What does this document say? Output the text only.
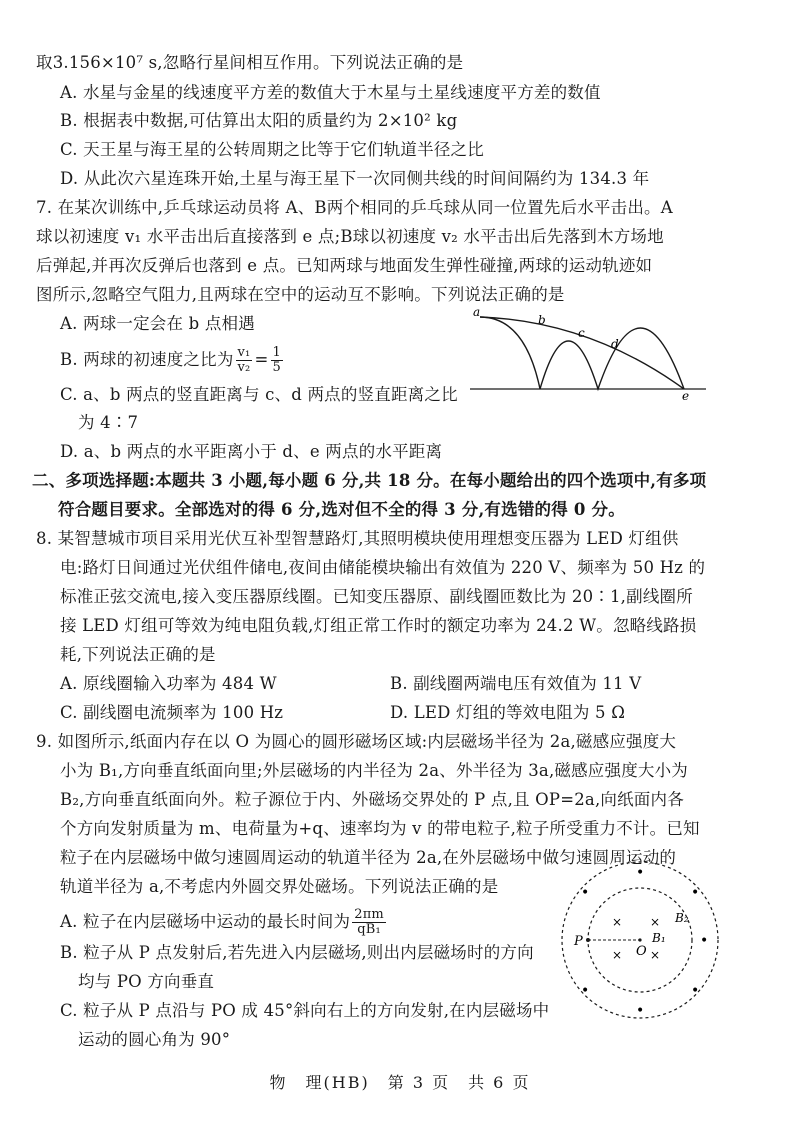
取3.156×10⁷ s,忽略行星间相互作用。下列说法正确的是
A. 水星与金星的线速度平方差的数值大于木星与土星线速度平方差的数值
B. 根据表中数据,可估算出太阳的质量约为 2×10² kg
C. 天王星与海王星的公转周期之比等于它们轨道半径之比
D. 从此次六星连珠开始,土星与海王星下一次同侧共线的时间间隔约为 134.3 年
7. 在某次训练中,乒乓球运动员将 A、B两个相同的乒乓球从同一位置先后水平击出。A
球以初速度 v₁ 水平击出后直接落到 e 点;B球以初速度 v₂ 水平击出后先落到木方场地
后弹起,并再次反弹后也落到 e 点。已知两球与地面发生弹性碰撞,两球的运动轨迹如
图所示,忽略空气阻力,且两球在空中的运动互不影响。下列说法正确的是
A. 两球一定会在 b 点相遇
B. 两球的初速度之比为 $\frac{\text{v₁}}{\text{v₂}} = \frac{1}{5}$
C. a、b 两点的竖直距离与 c、d 两点的竖直距离之比
为 4∶7
D. a、b 两点的水平距离小于 d、e 两点的水平距离
a
b
c
d
e
二、多项选择题:本题共 3 小题,每小题 6 分,共 18 分。在每小题给出的四个选项中,有多项
符合题目要求。全部选对的得 6 分,选对但不全的得 3 分,有选错的得 0 分。
8. 某智慧城市项目采用光伏互补型智慧路灯,其照明模块使用理想变压器为 LED 灯组供
电:路灯日间通过光伏组件储电,夜间由储能模块输出有效值为 220 V、频率为 50 Hz 的
标准正弦交流电,接入变压器原线圈。已知变压器原、副线圈匝数比为 20∶1,副线圈所
接 LED 灯组可等效为纯电阻负载,灯组正常工作时的额定功率为 24.2 W。忽略线路损
耗,下列说法正确的是
A. 原线圈输入功率为 484 W	B. 副线圈两端电压有效值为 11 V
C. 副线圈电流频率为 100 Hz	D. LED 灯组的等效电阻为 5 Ω
9. 如图所示,纸面内存在以 O 为圆心的圆形磁场区域:内层磁场半径为 2a,磁感应强度大
小为 B₁,方向垂直纸面向里;外层磁场的内半径为 2a、外半径为 3a,磁感应强度大小为
B₂,方向垂直纸面向外。粒子源位于内、外磁场交界处的 P 点,且 OP=2a,向纸面内各
个方向发射质量为 m、电荷量为+q、速率均为 v 的带电粒子,粒子所受重力不计。已知
粒子在内层磁场中做匀速圆周运动的轨道半径为 2a,在外层磁场中做匀速圆周运动的
轨道半径为 a,不考虑内外圆交界处磁场。下列说法正确的是
A. 粒子在内层磁场中运动的最长时间为 $\frac{2\pi m}{\text{qB₁}}$
B. 粒子从 P 点发射后,若先进入内层磁场,则出内层磁场时的方向
均与 PO 方向垂直
C. 粒子从 P 点沿与 PO 成 45°斜向右上的方向发射,在内层磁场中
运动的圆心角为 90°
× ×
× ×
•
•
•	•
•	•
•
P
O
B₁
B₂
物　理(HB)　第 3 页　共 6 页
